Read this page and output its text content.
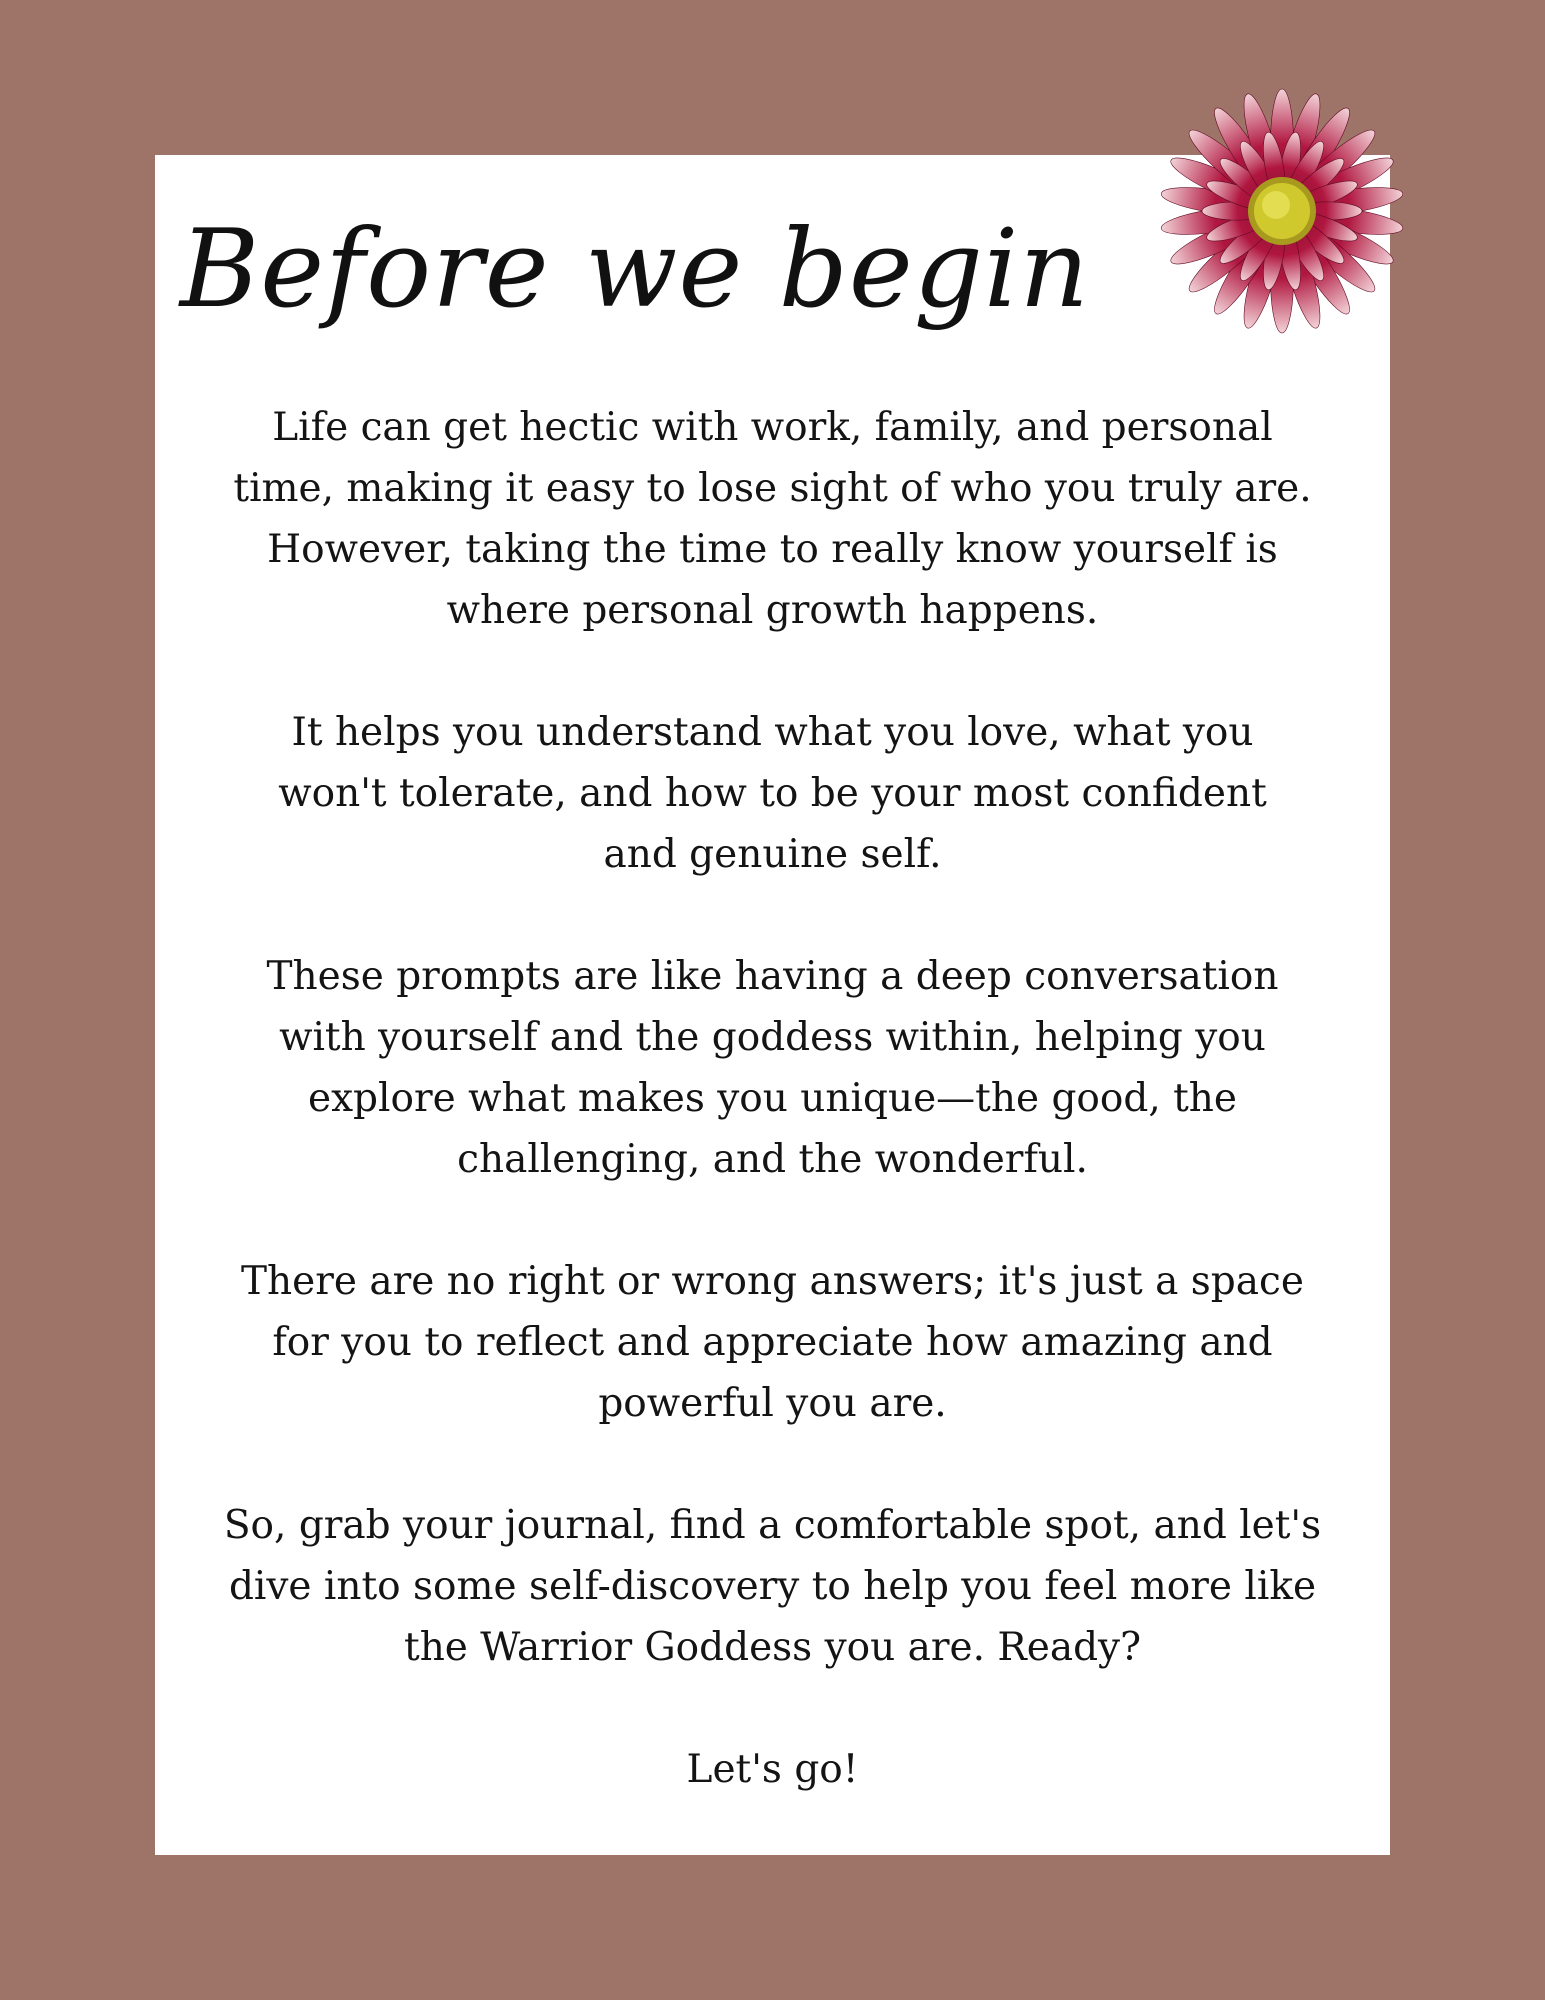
Before we begin

Life can get hectic with work, family, and personal time, making it easy to lose sight of who you truly are. However, taking the time to really know yourself is where personal growth happens.

It helps you understand what you love, what you won't tolerate, and how to be your most confident and genuine self.

These prompts are like having a deep conversation with yourself and the goddess within, helping you explore what makes you unique—the good, the challenging, and the wonderful.

There are no right or wrong answers; it's just a space for you to reflect and appreciate how amazing and powerful you are.

So, grab your journal, find a comfortable spot, and let's dive into some self-discovery to help you feel more like the Warrior Goddess you are. Ready?

Let's go!
